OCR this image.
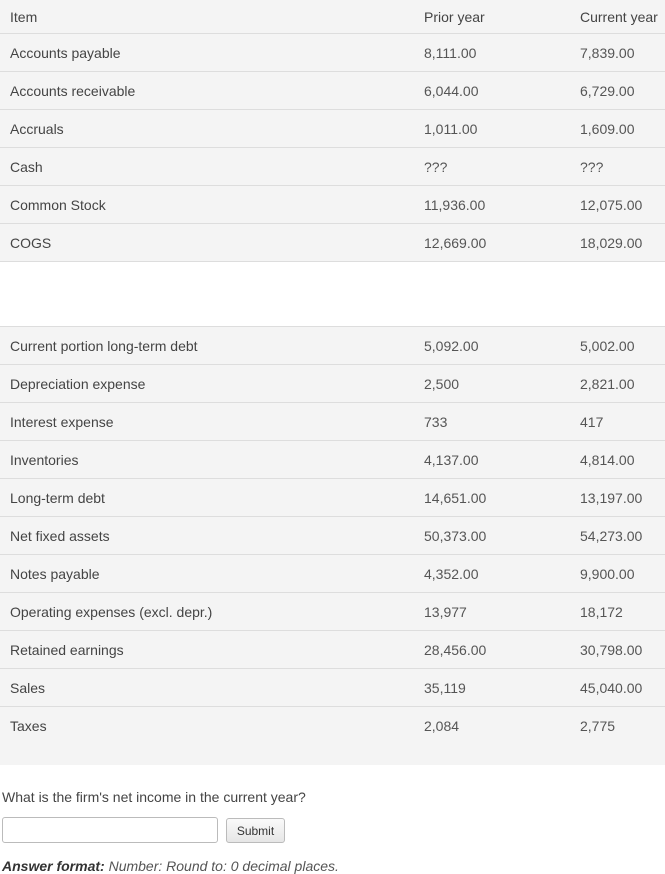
Item	Prior year	Current year
Accounts payable	8,111.00	7,839.00
Accounts receivable	6,044.00	6,729.00
Accruals	1,011.00	1,609.00
Cash	???	???
Common Stock	11,936.00	12,075.00
COGS	12,669.00	18,029.00
Current portion long-term debt	5,092.00	5,002.00
Depreciation expense	2,500	2,821.00
Interest expense	733	417
Inventories	4,137.00	4,814.00
Long-term debt	14,651.00	13,197.00
Net fixed assets	50,373.00	54,273.00
Notes payable	4,352.00	9,900.00
Operating expenses (excl. depr.)	13,977	18,172
Retained earnings	28,456.00	30,798.00
Sales	35,119	45,040.00
Taxes	2,084	2,775
What is the firm's net income in the current year?
Submit
Answer format: Number: Round to: 0 decimal places.
